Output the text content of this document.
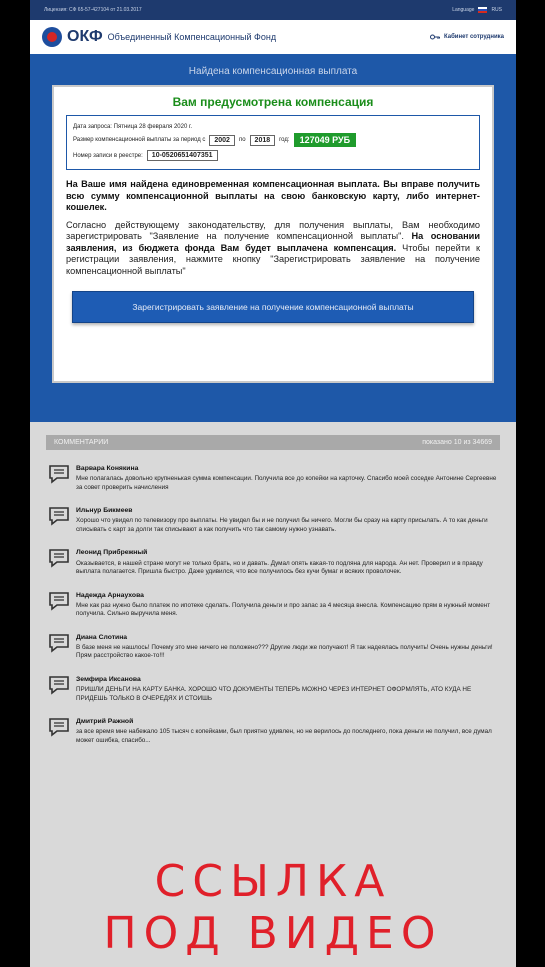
Лицензия: СФ 65-57-427104 от 21.03.2017	Language	RUS
ОКФ Объединенный Компенсационный Фонд	Кабинет сотрудника
Найдена компенсационная выплата
Вам предусмотрена компенсация
Дата запроса: Пятница 28 февраля 2020 г.
Размер компенсационной выплаты за период с	2002	по	2018	год:	127049 РУБ
Номер записи в реестре:	10-0520651407351

На Ваше имя найдена единовременная компенсационная выплата. Вы вправе получить всю сумму компенсационной выплаты на свою банковскую карту, либо интернет-кошелек.

Согласно действующему законодательству, для получения выплаты, Вам необходимо зарегистрировать "Заявление на получение компенсационной выплаты". На основании заявления, из бюджета фонда Вам будет выплачена компенсация. Чтобы перейти к регистрации заявления, нажмите кнопку "Зарегистрировать заявление на получение компенсационной выплаты"

Зарегистрировать заявление на получение компенсационной выплаты
КОММЕНТАРИИ	показано 10 из 34669
Варвара Конякина
Мне полагалась довольно крупненькая сумма компенсации. Получила все до копейки на карточку. Спасибо моей соседке Антонине Сергеевне за совет проверить начисления
Ильнур Бикмеев
Хорошо что увидел по телевизору про выплаты. Не увидел бы и не получил бы ничего. Могли бы сразу на карту присылать. А то как деньги списывать с карт за долги так списывают а как получить что так самому нужно узнавать.
Леонид Прибрежный
Оказывается, в нашей стране могут не только брать, но и давать. Думал опять какая-то подляна для народа. Ан нет. Проверил и в правду выплата полагается. Пришла быстро. Даже удивился, что все получилось без кучи бумаг и всяких проволочек.
Надежда Арнаухова
Мне как раз нужно было платеж по ипотеке сделать. Получила деньги и про запас за 4 месяца внесла. Компенсацию прям в нужный момент получила. Сильно выручила меня.
Диана Слотина
В базе меня не нашлось! Почему это мне ничего не положено??? Другие люди же получают! Я так надеялась получить! Очень нужны деньги! Прям расстройство какое-то!!!
Земфира Иксанова
ПРИШЛИ ДЕНЬГИ НА КАРТУ БАНКА. ХОРОШО ЧТО ДОКУМЕНТЫ ТЕПЕРЬ МОЖНО ЧЕРЕЗ ИНТЕРНЕТ ОФОРМЛЯТЬ, АТО КУДА НЕ ПРИДЕШЬ ТОЛЬКО В ОЧЕРЕДЯХ И СТОИШЬ
Дмитрий Ражной
за все время мне набежало 105 тысяч с копейками, был приятно удивлен, но не верилось до последнего, пока деньги не получил, все думал может ошибка, спасибо...
ССЫЛКА
ПОД ВИДЕО
